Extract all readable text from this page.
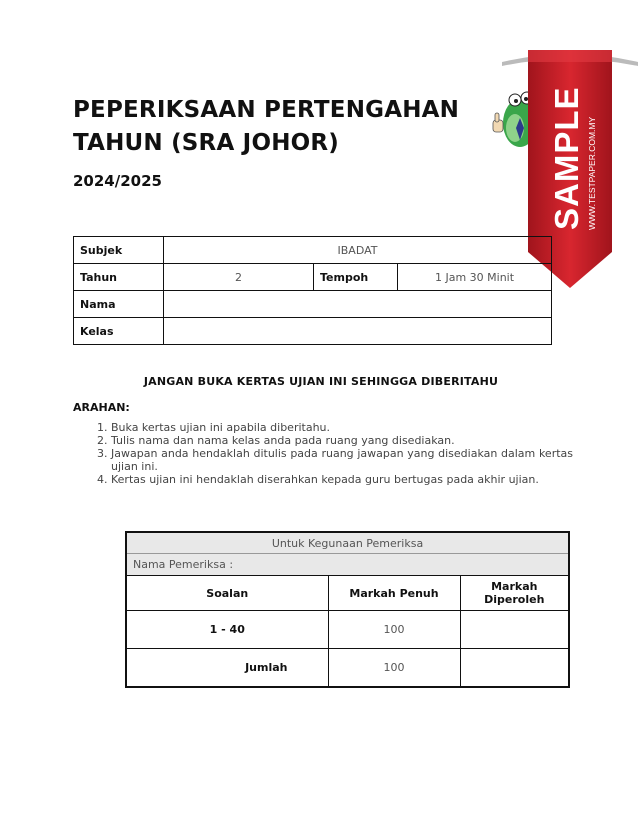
PEPERIKSAAN PERTENGAHAN
TAHUN (SRA JOHOR)
2024/2025	SAMPLE WWW.TESTPAPER.COM.MY
Subjek	IBADAT		
Tahun	2	Tempoh	1 Jam 30 Minit
Nama			
Kelas			
JANGAN BUKA KERTAS UJIAN INI SEHINGGA DIBERITAHU
ARAHAN:
1. Buka kertas ujian ini apabila diberitahu.
2. Tulis nama dan nama kelas anda pada ruang yang disediakan.
3. Jawapan anda hendaklah ditulis pada ruang jawapan yang disediakan dalam kertas ujian ini.
4. Kertas ujian ini hendaklah diserahkan kepada guru bertugas pada akhir ujian.
Untuk Kegunaan Pemeriksa		
Nama Pemeriksa :		
Soalan	Markah Penuh	Markah
Diperoleh
1 - 40	100	
Jumlah	100	
